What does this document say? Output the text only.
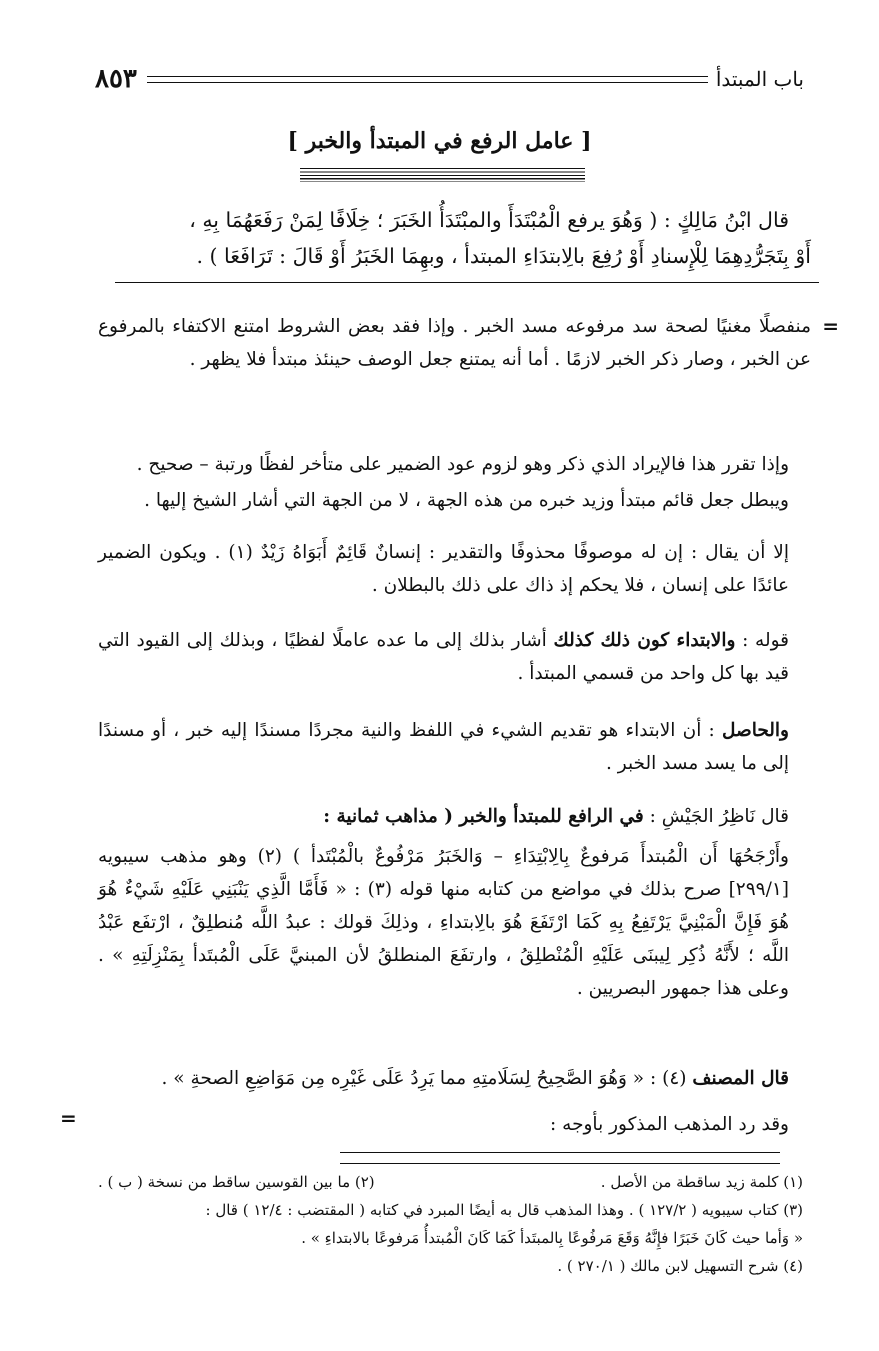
باب المبتدأ
٨٥٣
[ عامل الرفع في المبتدأ والخبر ]
قال ابْنُ مَالِكٍ : ( وَهُوَ يرفع الْمُبْتَدَأَ والمبْتَدَأُ الخَبَرَ ؛ خِلَافًا لِمَنْ رَفَعَهُمَا بِهِ ،
أَوْ بِتَجَرُّدِهِمَا لِلْإِسنادِ أَوْ رُفِعَ بالِابتدَاءِ المبتدأ ، وبهِمَا الخَبَرُ أَوْ قَالَ : تَرَافَعَا ) .
=
منفصلًا مغنيًا لصحة سد مرفوعه مسد الخبر . وإذا فقد بعض الشروط امتنع الاكتفاء بالمرفوع عن الخبر ، وصار ذكر الخبر لازمًا . أما أنه يمتنع جعل الوصف حينئذ مبتدأ فلا يظهر .
وإذا تقرر هذا فالإيراد الذي ذكر وهو لزوم عود الضمير على متأخر لفظًا ورتبة – صحيح .
ويبطل جعل قائم مبتدأ وزيد خبره من هذه الجهة ، لا من الجهة التي أشار الشيخ إليها .
إلا أن يقال : إن له موصوفًا محذوفًا والتقدير : إنسانٌ قَائِمٌ أَبَوَاهُ زَيْدٌ (١) . ويكون الضمير عائدًا على إنسان ، فلا يحكم إذ ذاك على ذلك بالبطلان .
قوله : والابتداء كون ذلك كذلك أشار بذلك إلى ما عده عاملًا لفظيًا ، وبذلك إلى القيود التي قيد بها كل واحد من قسمي المبتدأ .
والحاصل : أن الابتداء هو تقديم الشيء في اللفظ والنية مجردًا مسندًا إليه خبر ، أو مسندًا إلى ما يسد مسد الخبر .
قال نَاظِرُ الجَيْشِ : في الرافع للمبتدأ والخبر ( مذاهب ثمانية :
وأَرْجَحُهَا أَن الْمُبتدأَ مَرفوعٌ بِالِابْتِدَاءِ – وَالخَبَرُ مَرْفُوعٌ بالْمُبْتَدأ ) (٢) وهو مذهب سيبويه [٢٩٩/١] صرح بذلك في مواضع من كتابه منها قوله (٣) : « فَأَمَّا الَّذِي يَنْبَنِي عَلَيْهِ شَيْءٌ هُوَ هُوَ فَإِنَّ الْمَبْنِيَّ يَرْتَفِعُ بِهِ كَمَا ارْتَفَعَ هُوَ بالِابتداءِ ، وذلِكَ قولك : عبدُ اللَّه مُنطلِقٌ ، ارْتفَع عَبْدُ اللَّه ؛ لأَنَّهُ ذُكِر لِيبنَى عَلَيْهِ الْمُنْطلِقُ ، وارتفَعَ المنطلقُ لأن المبنيَّ عَلَى الْمُبتَدأ بِمَنْزِلَتِهِ » . وعلى هذا جمهور البصريين .
قال المصنف (٤) : « وَهُوَ الصَّحِيحُ لِسَلَامتِهِ مما يَرِدُ عَلَى غَيْرِه مِن مَوَاضِعِ الصحةِ » .
وقد رد المذهب المذكور بأوجه :
=
(١) كلمة زيد ساقطة من الأصل .
(٢) ما بين القوسين ساقط من نسخة ( ب ) .
(٣) كتاب سيبويه ( ١٢٧/٢ ) . وهذا المذهب قال به أيضًا المبرد في كتابه ( المقتضب : ١٢/٤ ) قال :
« وَأما حيث كَانَ خَبَرًا فإِنَّهُ وَقَعَ مَرفُوعًا بِالمبتَدأ كَمَا كَانَ الْمُبتدأُ مَرفوعًا بالابتداءِ » .
(٤) شرح التسهيل لابن مالك ( ٢٧٠/١ ) .
